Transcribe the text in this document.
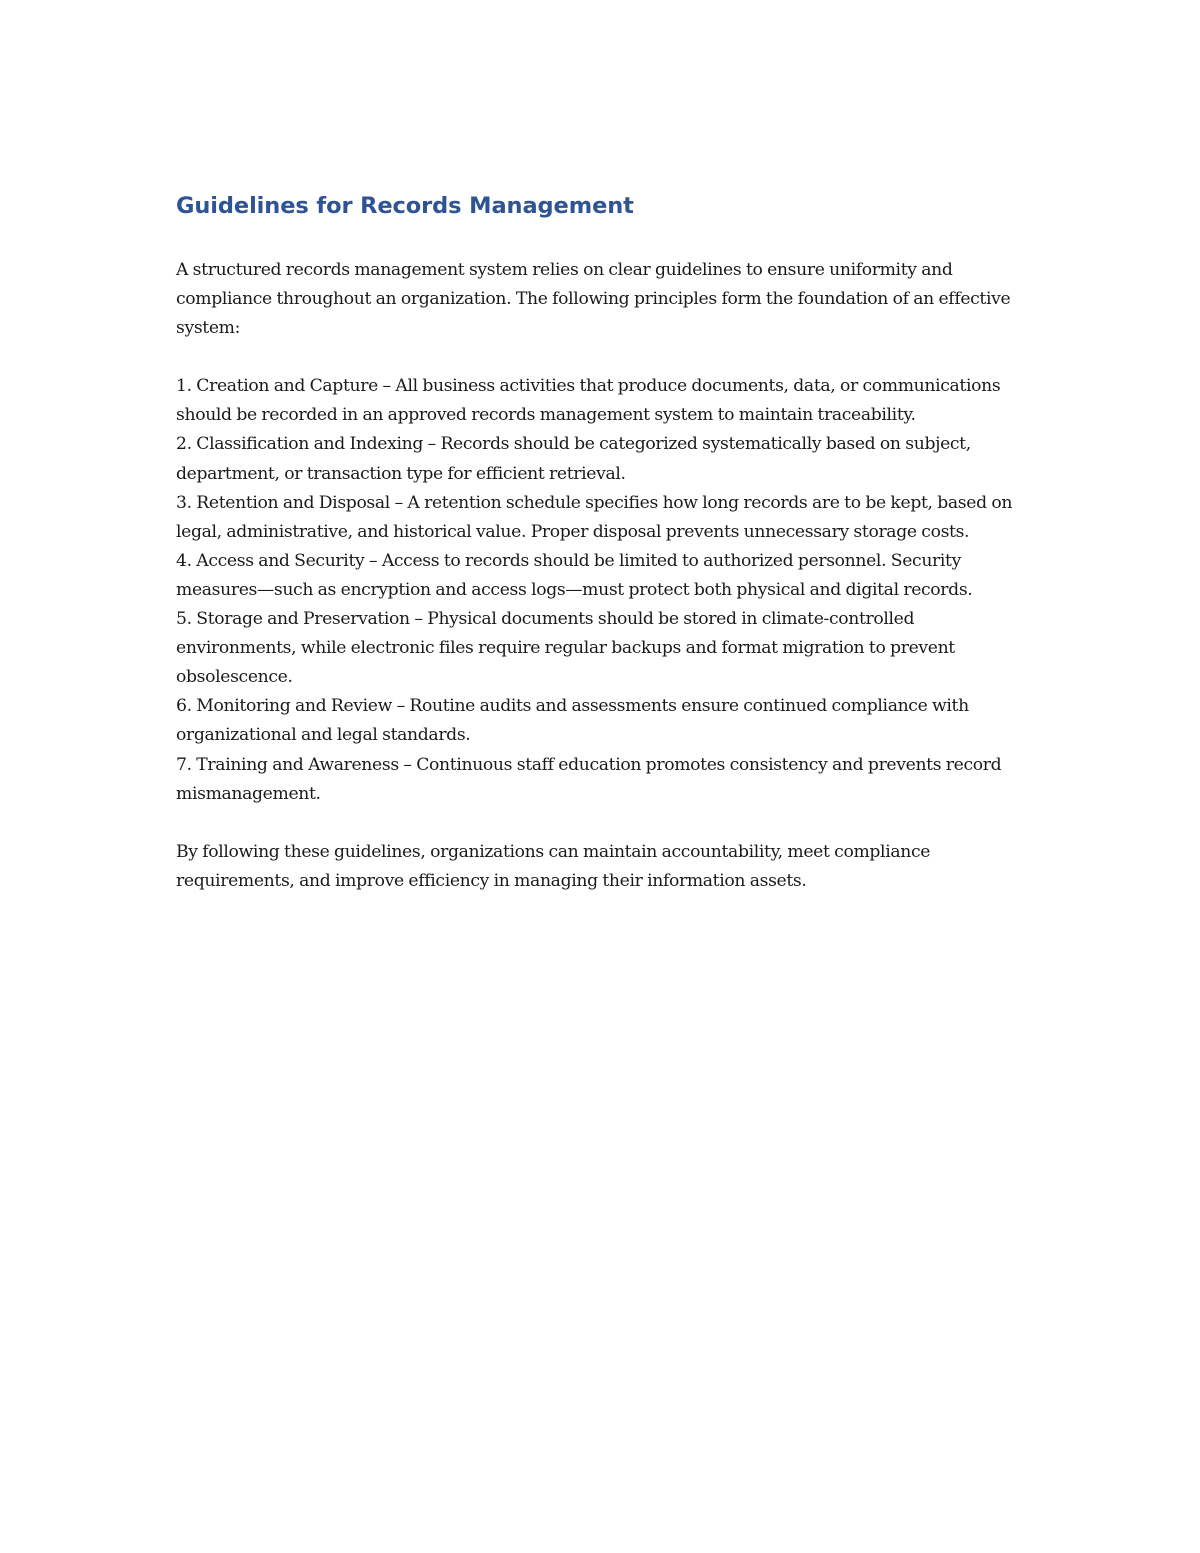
Guidelines for Records Management

A structured records management system relies on clear guidelines to ensure uniformity and compliance throughout an organization. The following principles form the foundation of an effective system:

1. Creation and Capture – All business activities that produce documents, data, or communications should be recorded in an approved records management system to maintain traceability.
2. Classification and Indexing – Records should be categorized systematically based on subject, department, or transaction type for efficient retrieval.
3. Retention and Disposal – A retention schedule specifies how long records are to be kept, based on legal, administrative, and historical value. Proper disposal prevents unnecessary storage costs.
4. Access and Security – Access to records should be limited to authorized personnel. Security measures—such as encryption and access logs—must protect both physical and digital records.
5. Storage and Preservation – Physical documents should be stored in climate-controlled environments, while electronic files require regular backups and format migration to prevent obsolescence.
6. Monitoring and Review – Routine audits and assessments ensure continued compliance with organizational and legal standards.
7. Training and Awareness – Continuous staff education promotes consistency and prevents record mismanagement.

By following these guidelines, organizations can maintain accountability, meet compliance requirements, and improve efficiency in managing their information assets.
